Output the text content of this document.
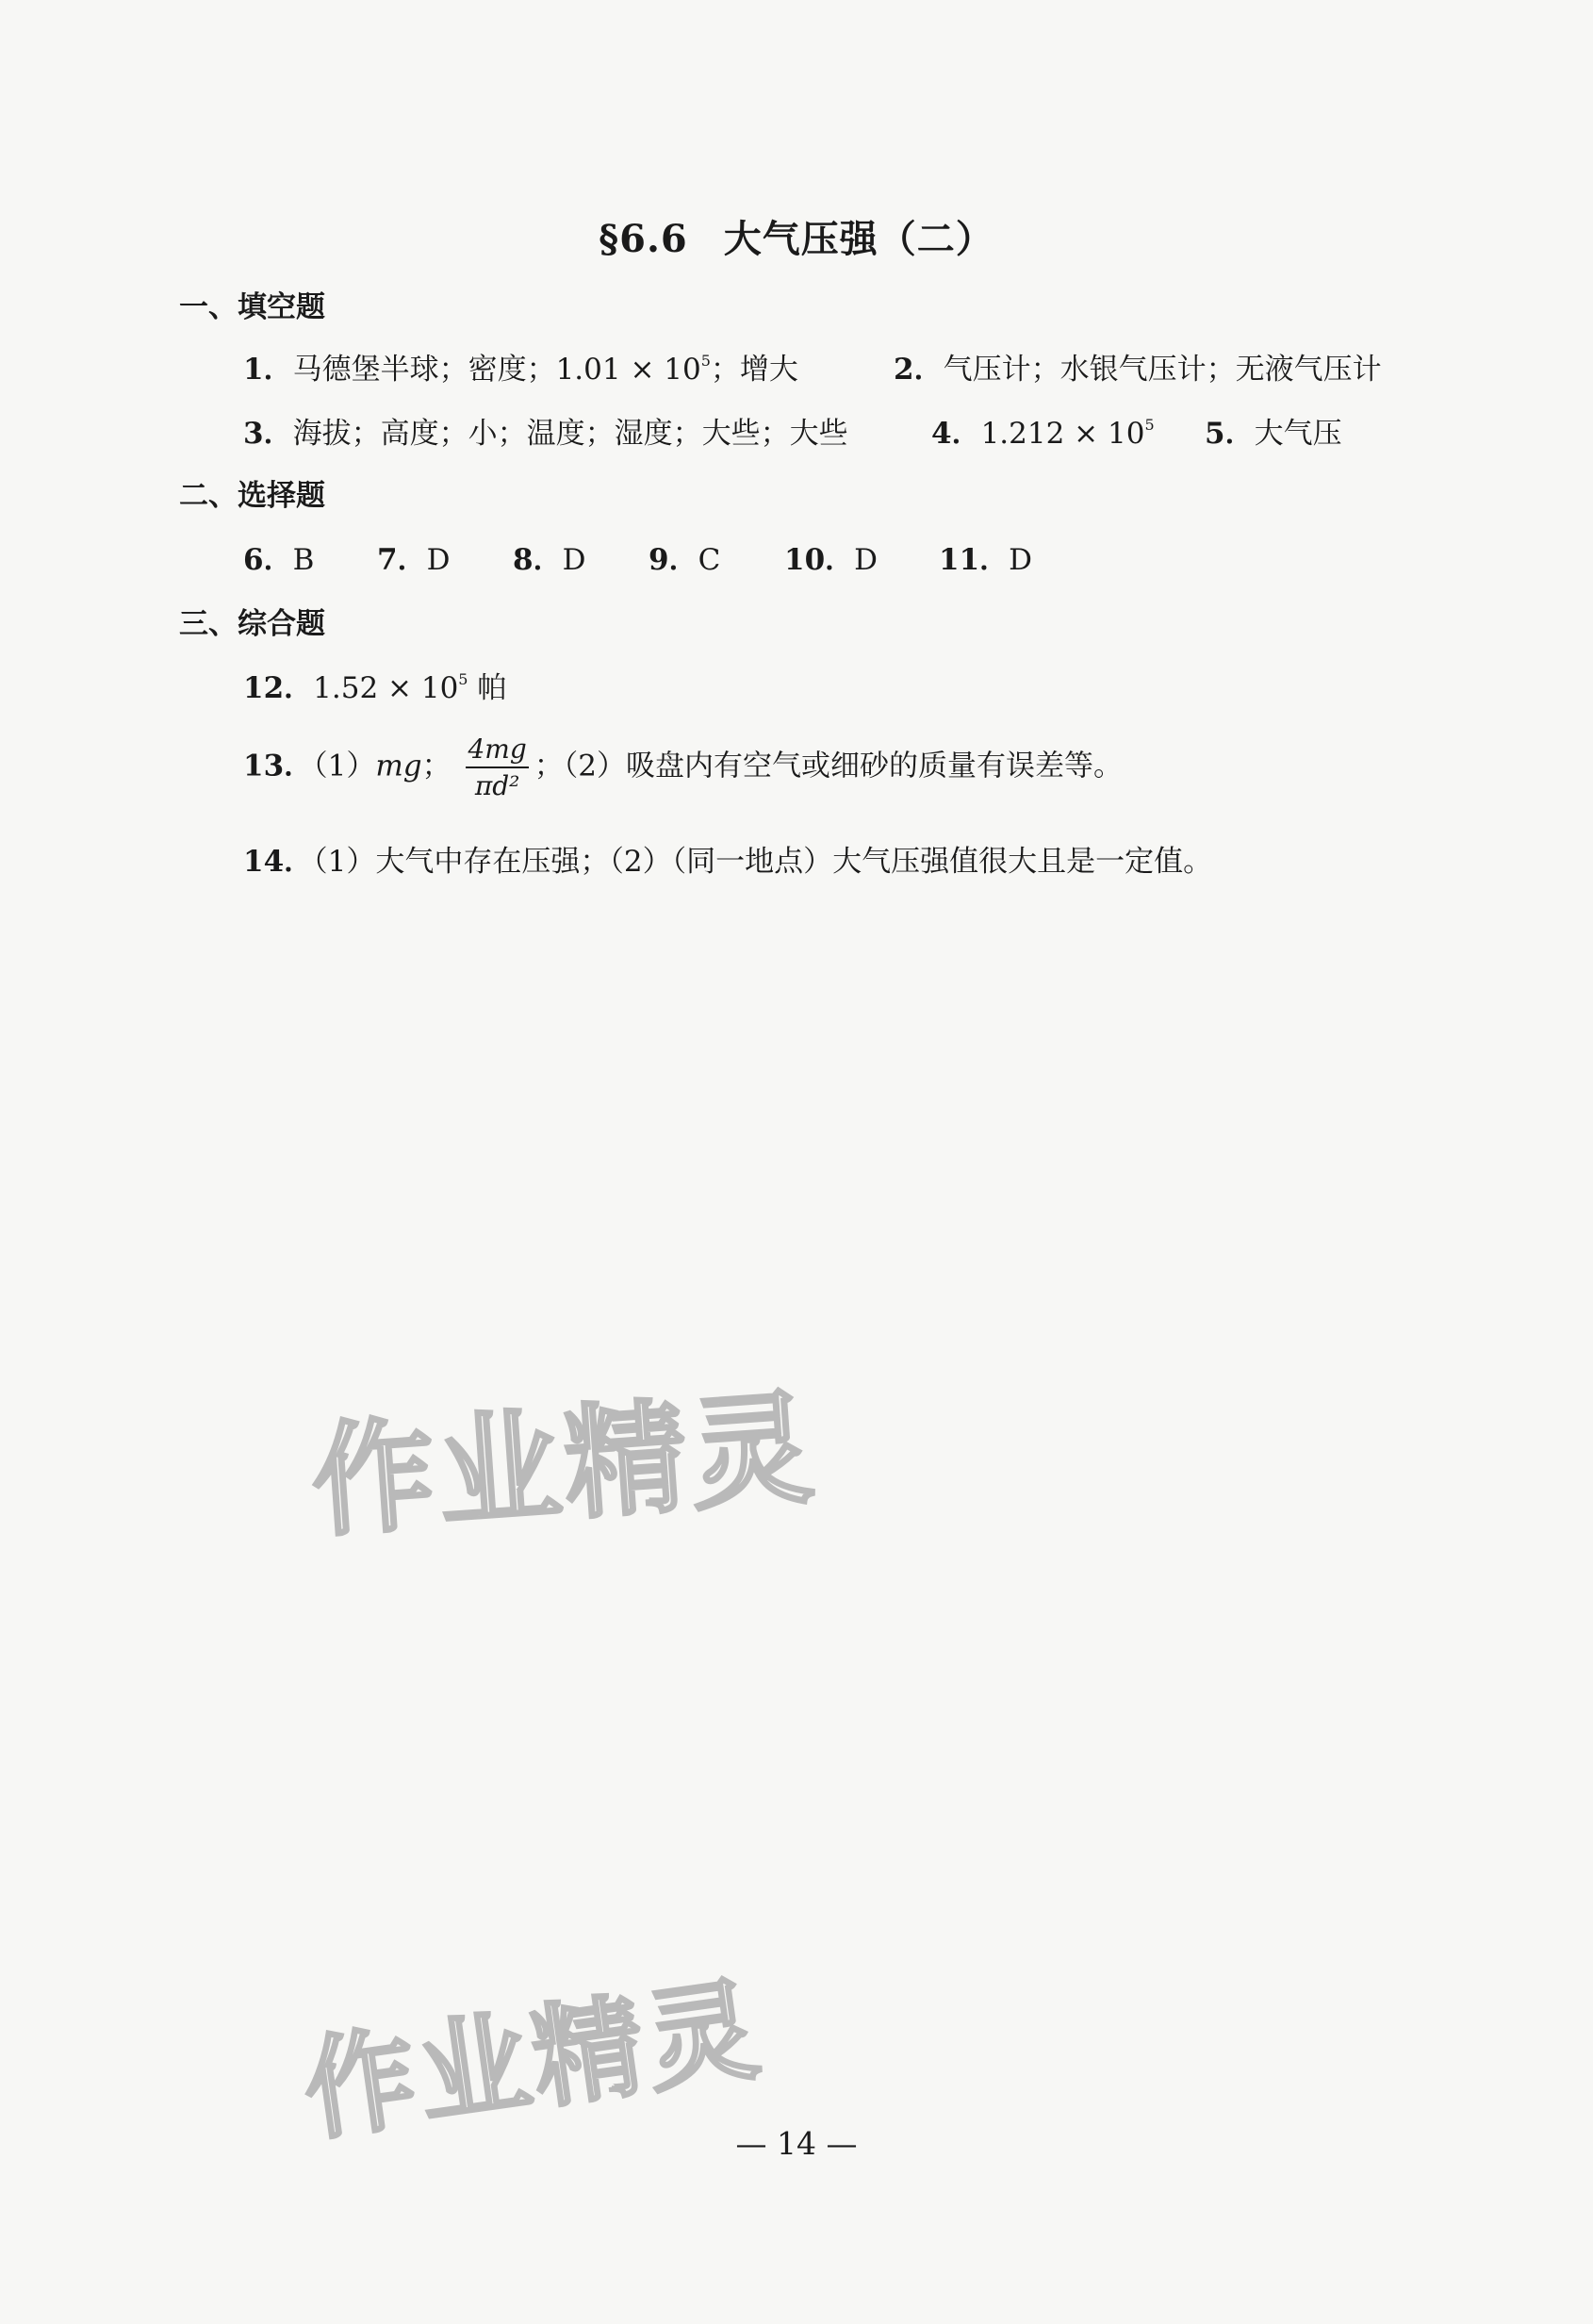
§6.6 大气压强（二）
一、填空题
1．马德堡半球；密度；$1.01 \times 10^5$；增大	2．气压计；水银气压计；无液气压计
3．海拔；高度；小；温度；湿度；大些；大些	4．$1.212 \times 10^5$ 5．大气压
二、选择题
6．B 7．D 8．D 9．C 10．D 11．D
三、综合题
12．$1.52 \times 10^5$ 帕
13．（1）mg； $\frac{4mg}{\text{πd²}}$ ；（2）吸盘内有空气或细砂的质量有误差等。
14．（1）大气中存在压强；（2）（同一地点）大气压强值很大且是一定值。
作业精灵
作业精灵
— 14 —
